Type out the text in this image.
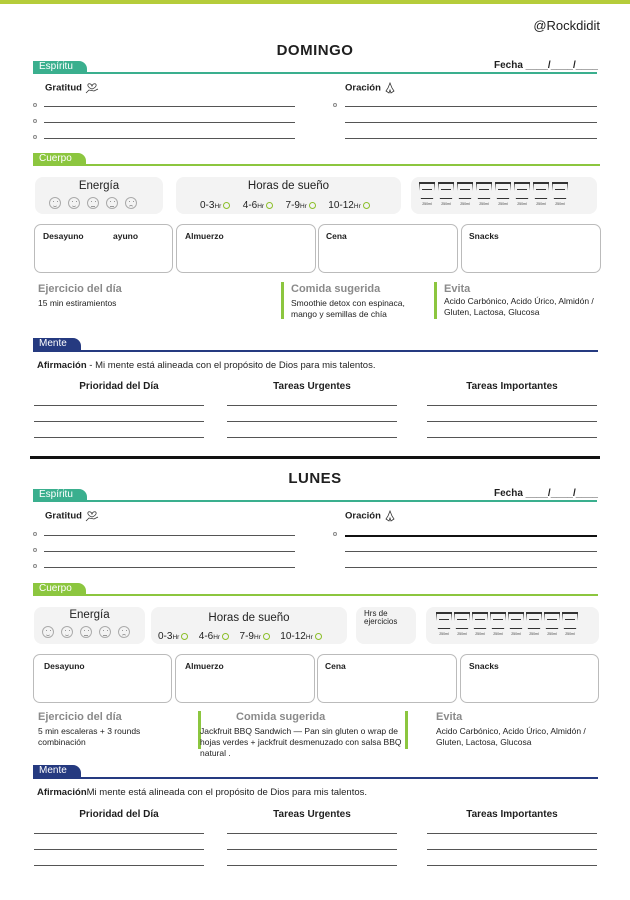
@Rockdidit
DOMINGO
Espíritu	Fecha ____/____/____
Gratitud	Oración
Cuerpo
Energía	Horas de sueño
0-3Hr 4-6Hr 7-9Hr 10-12Hr	250ml	250ml	250ml	250ml	250ml	250ml	250ml	250ml
Desayuno	ayuno	Almuerzo	Cena	Snacks
Ejercicio del día
15 min estiramientos
Comida sugerida
Smoothie detox con espinaca, mango y semillas de chía
Evita
Acido Carbónico, Acido Úrico, Almidón / Gluten, Lactosa, Glucosa
Mente
Afirmación - Mi mente está alineada con el propósito de Dios para mis talentos.
Prioridad del Día	Tareas Urgentes	Tareas Importantes
LUNES
Espíritu	Fecha ____/____/____
Gratitud	Oración
Cuerpo
Energía	Horas de sueño
0-3Hr 4-6Hr 7-9Hr 10-12Hr
Hrs de ejercicios
250ml	250ml	250ml	250ml	250ml	250ml	250ml	250ml
Desayuno	Almuerzo	Cena	Snacks
Ejercicio del día
5 min escaleras + 3 rounds combinación
Comida sugerida
Jackfruit BBQ Sandwich — Pan sin gluten o wrap de hojas verdes + jackfruit desmenuzado con salsa BBQ natural .
Evita
Acido Carbónico, Acido Úrico, Almidón / Gluten, Lactosa, Glucosa
Mente
AfirmaciónMi mente está alineada con el propósito de Dios para mis talentos.
Prioridad del Día	Tareas Urgentes	Tareas Importantes
